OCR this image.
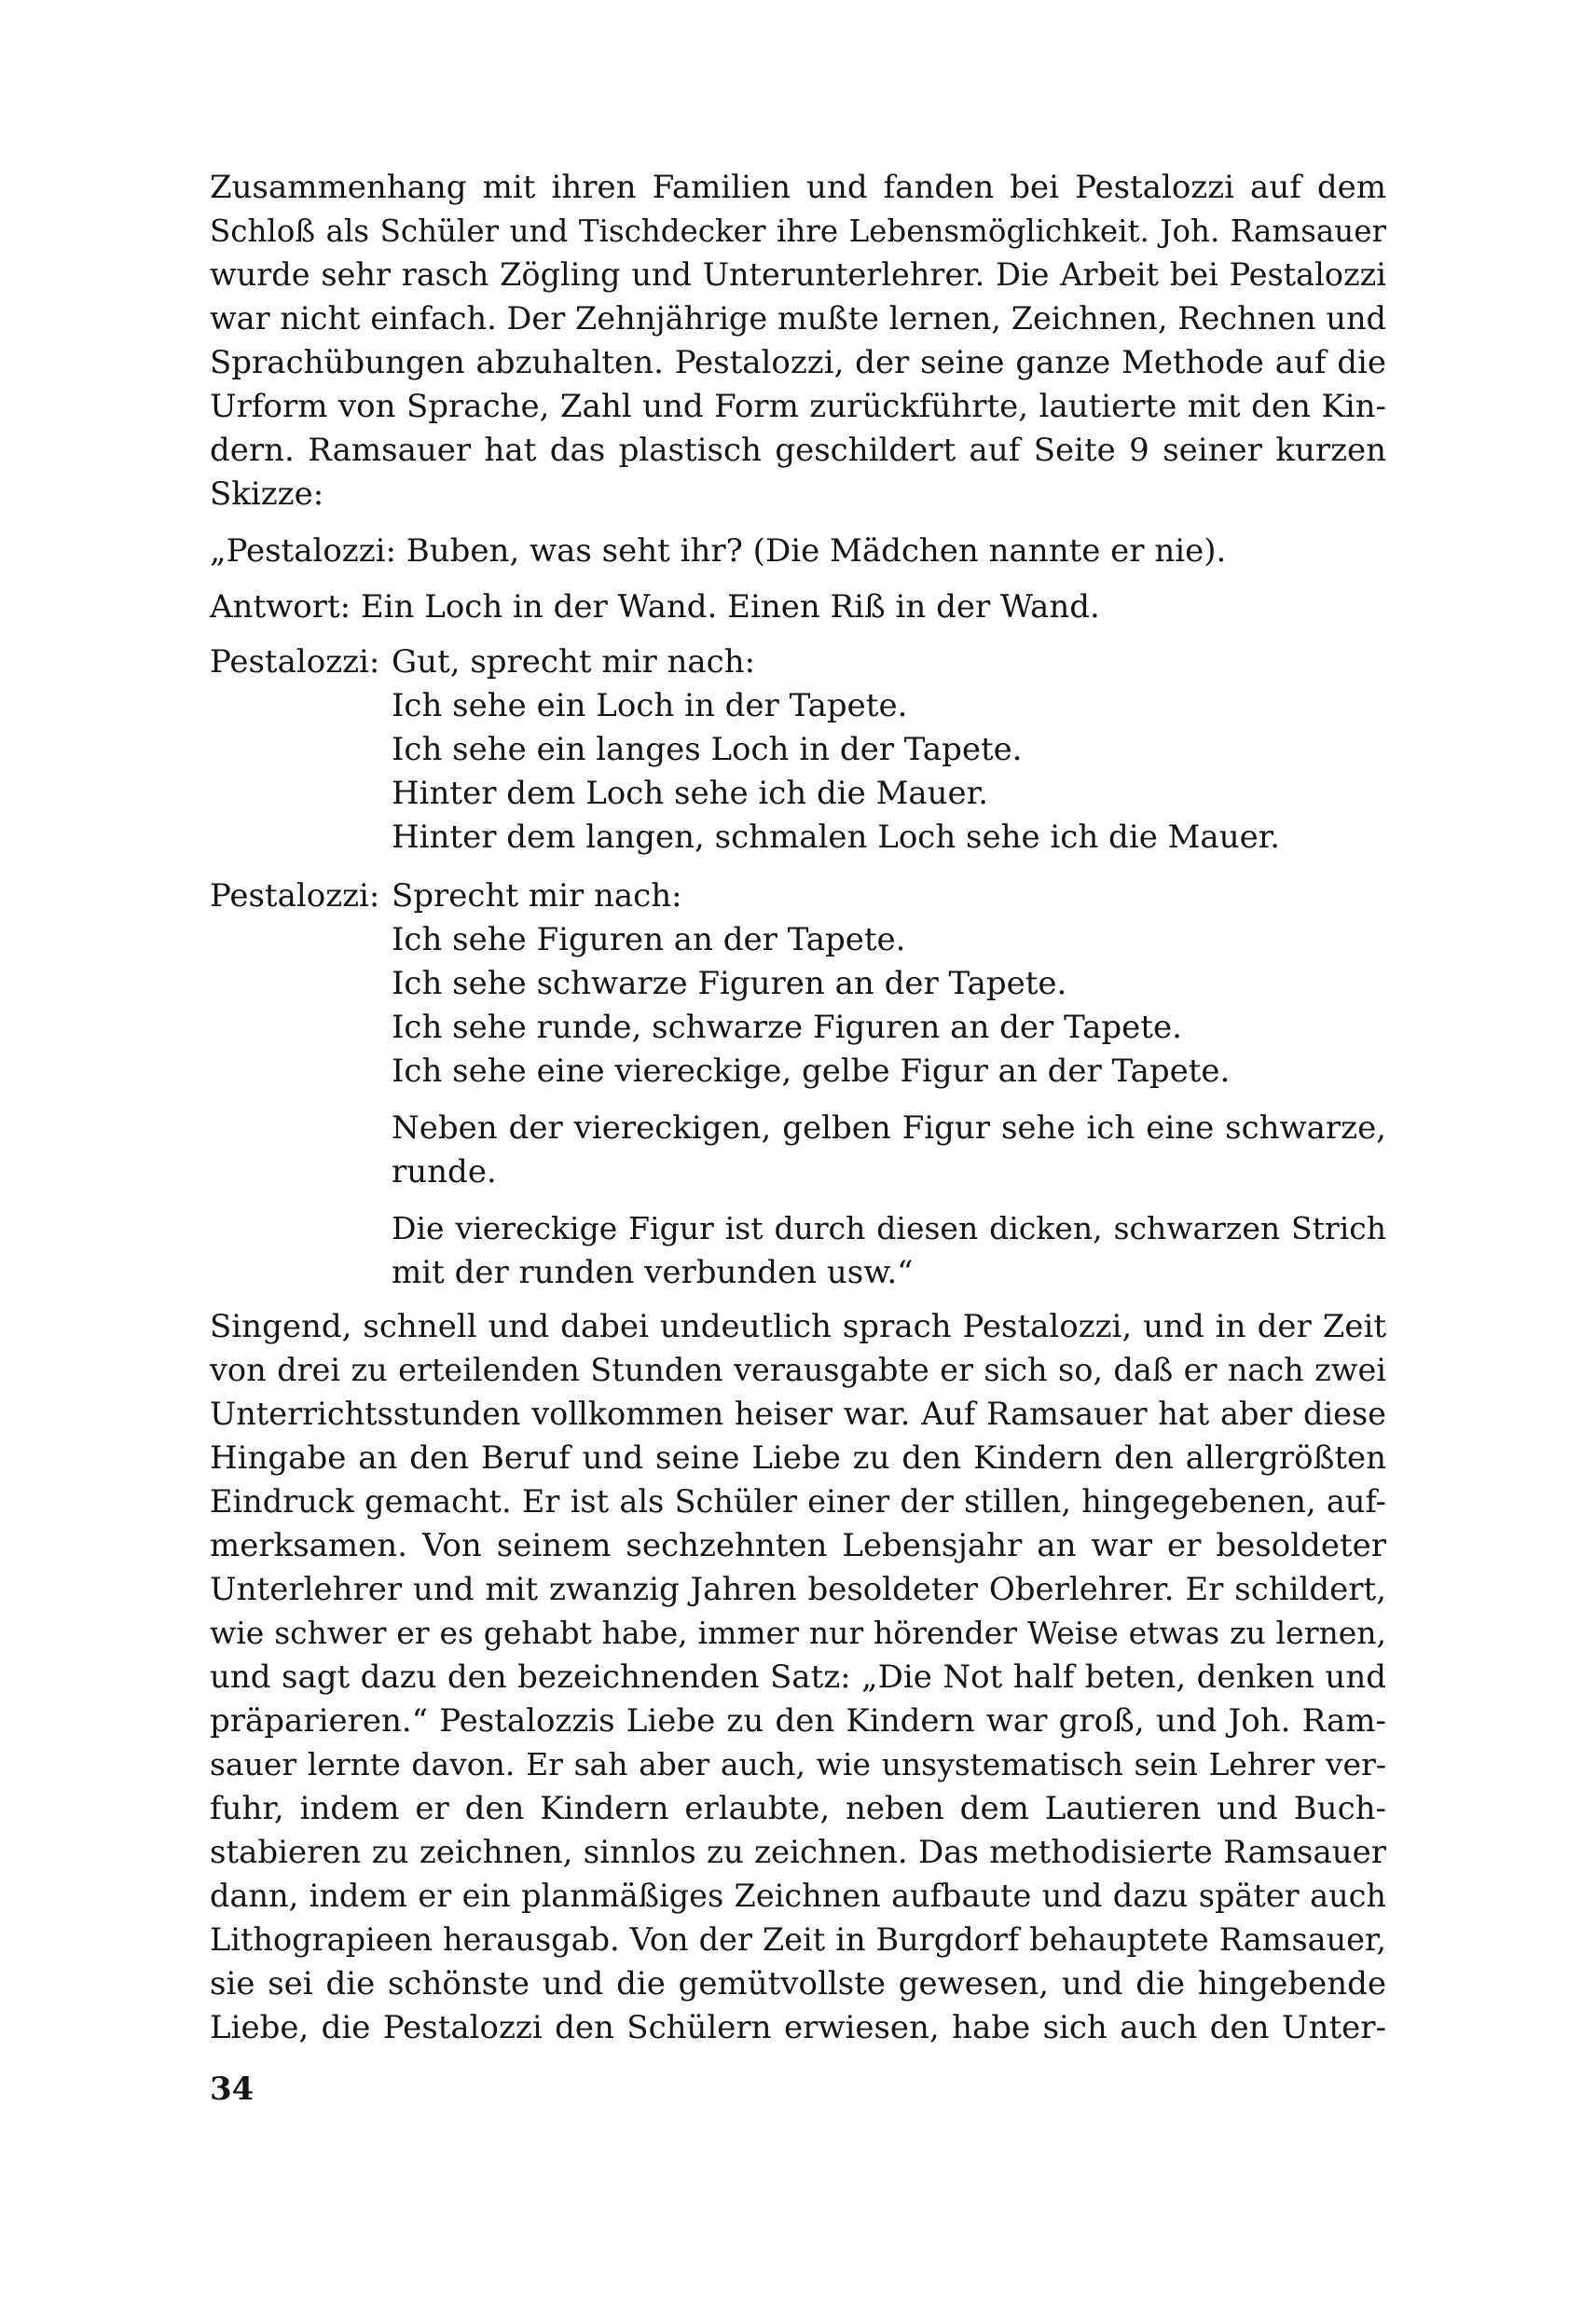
Zusammenhang mit ihren Familien und fanden bei Pestalozzi auf dem
Schloß als Schüler und Tischdecker ihre Lebensmöglichkeit. Joh. Ramsauer
wurde sehr rasch Zögling und Unterunterlehrer. Die Arbeit bei Pestalozzi
war nicht einfach. Der Zehnjährige mußte lernen, Zeichnen, Rechnen und
Sprachübungen abzuhalten. Pestalozzi, der seine ganze Methode auf die
Urform von Sprache, Zahl und Form zurückführte, lautierte mit den Kin-
dern. Ramsauer hat das plastisch geschildert auf Seite 9 seiner kurzen
Skizze:
„Pestalozzi: Buben, was seht ihr? (Die Mädchen nannte er nie).
Antwort: Ein Loch in der Wand. Einen Riß in der Wand.
Pestalozzi: Gut, sprecht mir nach:
Ich sehe ein Loch in der Tapete.
Ich sehe ein langes Loch in der Tapete.
Hinter dem Loch sehe ich die Mauer.
Hinter dem langen, schmalen Loch sehe ich die Mauer.
Pestalozzi: Sprecht mir nach:
Ich sehe Figuren an der Tapete.
Ich sehe schwarze Figuren an der Tapete.
Ich sehe runde, schwarze Figuren an der Tapete.
Ich sehe eine viereckige, gelbe Figur an der Tapete.
Neben der viereckigen, gelben Figur sehe ich eine schwarze,
runde.
Die viereckige Figur ist durch diesen dicken, schwarzen Strich
mit der runden verbunden usw.“
Singend, schnell und dabei undeutlich sprach Pestalozzi, und in der Zeit
von drei zu erteilenden Stunden verausgabte er sich so, daß er nach zwei
Unterrichtsstunden vollkommen heiser war. Auf Ramsauer hat aber diese
Hingabe an den Beruf und seine Liebe zu den Kindern den allergrößten
Eindruck gemacht. Er ist als Schüler einer der stillen, hingegebenen, auf-
merksamen. Von seinem sechzehnten Lebensjahr an war er besoldeter
Unterlehrer und mit zwanzig Jahren besoldeter Oberlehrer. Er schildert,
wie schwer er es gehabt habe, immer nur hörender Weise etwas zu lernen,
und sagt dazu den bezeichnenden Satz: „Die Not half beten, denken und
präparieren.“ Pestalozzis Liebe zu den Kindern war groß, und Joh. Ram-
sauer lernte davon. Er sah aber auch, wie unsystematisch sein Lehrer ver-
fuhr, indem er den Kindern erlaubte, neben dem Lautieren und Buch-
stabieren zu zeichnen, sinnlos zu zeichnen. Das methodisierte Ramsauer
dann, indem er ein planmäßiges Zeichnen aufbaute und dazu später auch
Lithograpieen herausgab. Von der Zeit in Burgdorf behauptete Ramsauer,
sie sei die schönste und die gemütvollste gewesen, und die hingebende
Liebe, die Pestalozzi den Schülern erwiesen, habe sich auch den Unter-
34
